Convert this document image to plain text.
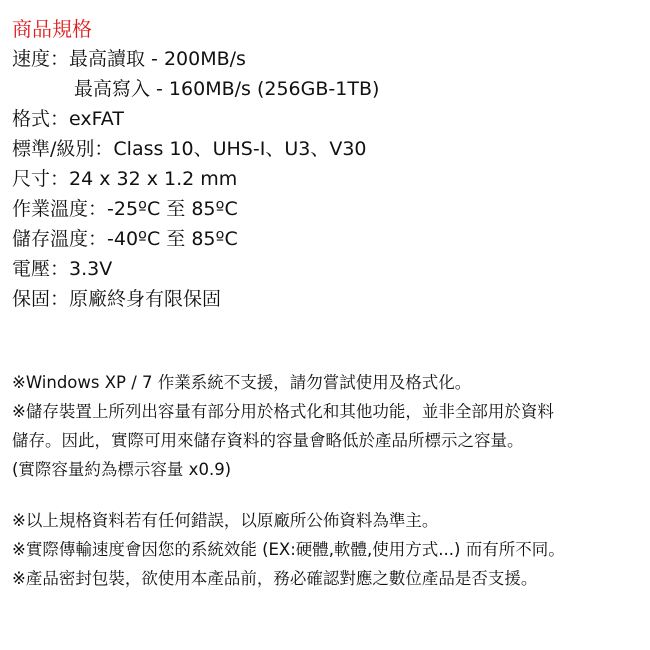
商品規格
速度：最高讀取 - 200MB/s
最高寫入 - 160MB/s (256GB-1TB)
格式：exFAT
標準/級別：Class 10、UHS-I、U3、V30
尺寸：24 x 32 x 1.2 mm
作業溫度：-25ºC 至 85ºC
儲存溫度：-40ºC 至 85ºC
電壓：3.3V
保固：原廠終身有限保固
※Windows XP / 7 作業系統不支援，請勿嘗試使用及格式化。
※儲存裝置上所列出容量有部分用於格式化和其他功能，並非全部用於資料
儲存。因此，實際可用來儲存資料的容量會略低於產品所標示之容量。
(實際容量約為標示容量 x0.9)
※以上規格資料若有任何錯誤，以原廠所公佈資料為準主。
※實際傳輸速度會因您的系統效能 (EX:硬體,軟體,使用方式...) 而有所不同。
※產品密封包裝，欲使用本產品前，務必確認對應之數位產品是否支援。
